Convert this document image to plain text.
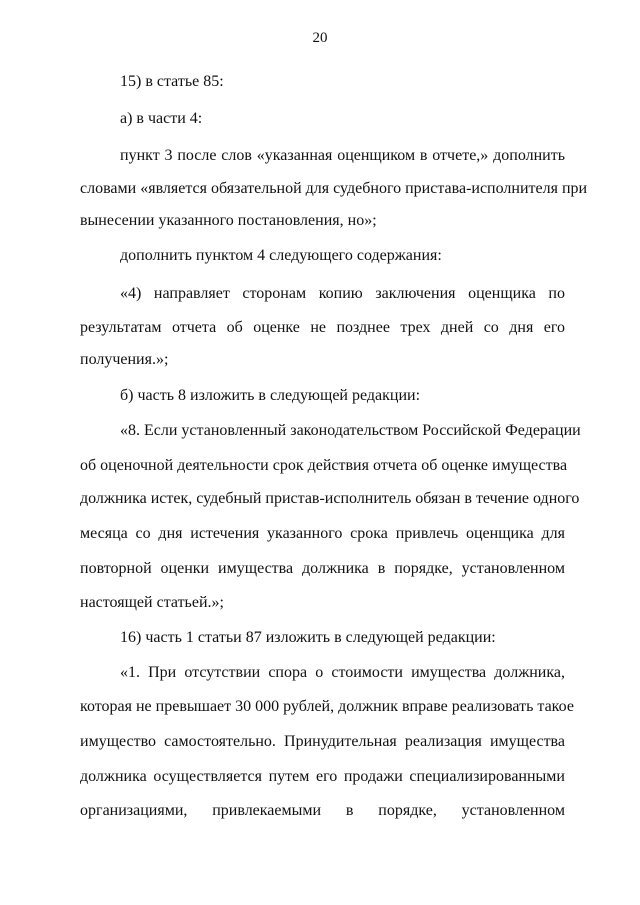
20
15) в статье 85:
а) в части 4:
пункт 3 после слов «указанная оценщиком в отчете,» дополнить
словами «является обязательной для судебного пристава-исполнителя при
вынесении указанного постановления, но»;
дополнить пунктом 4 следующего содержания:
«4) направляет сторонам копию заключения оценщика по
результатам отчета об оценке не позднее трех дней со дня его
получения.»;
б) часть 8 изложить в следующей редакции:
«8. Если установленный законодательством Российской Федерации
об оценочной деятельности срок действия отчета об оценке имущества
должника истек, судебный пристав-исполнитель обязан в течение одного
месяца со дня истечения указанного срока привлечь оценщика для
повторной оценки имущества должника в порядке, установленном
настоящей статьей.»;
16) часть 1 статьи 87 изложить в следующей редакции:
«1. При отсутствии спора о стоимости имущества должника,
которая не превышает 30 000 рублей, должник вправе реализовать такое
имущество самостоятельно. Принудительная реализация имущества
должника осуществляется путем его продажи специализированными
организациями, привлекаемыми в порядке, установленном
